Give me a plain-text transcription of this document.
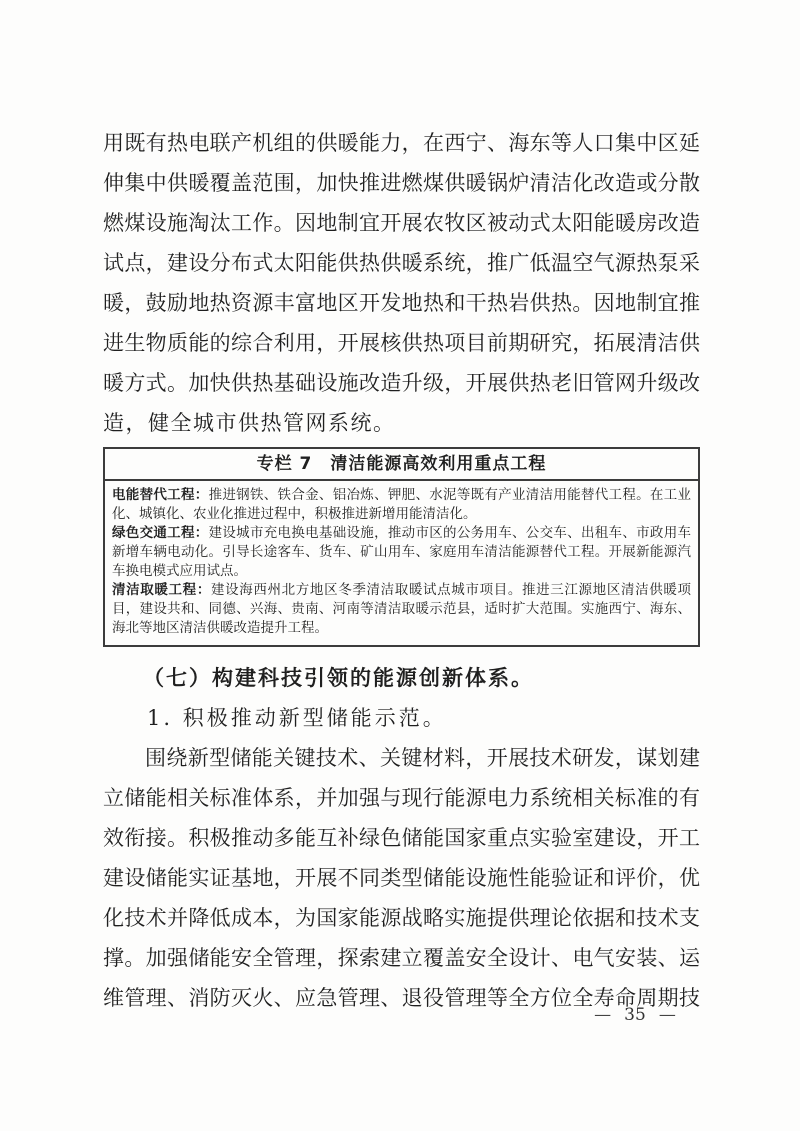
用既有热电联产机组的供暖能力，在西宁、海东等人口集中区延
伸集中供暖覆盖范围，加快推进燃煤供暖锅炉清洁化改造或分散
燃煤设施淘汰工作。因地制宜开展农牧区被动式太阳能暖房改造
试点，建设分布式太阳能供热供暖系统，推广低温空气源热泵采
暖，鼓励地热资源丰富地区开发地热和干热岩供热。因地制宜推
进生物质能的综合利用，开展核供热项目前期研究，拓展清洁供
暖方式。加快供热基础设施改造升级，开展供热老旧管网升级改
造，健全城市供热管网系统。
专栏 7　清洁能源高效利用重点工程

电能替代工程：推进钢铁、铁合金、铝冶炼、钾肥、水泥等既有产业清洁用能替代工程。在工业化、城镇化、农业化推进过程中，积极推进新增用能清洁化。

绿色交通工程：建设城市充电换电基础设施，推动市区的公务用车、公交车、出租车、市政用车新增车辆电动化。引导长途客车、货车、矿山用车、家庭用车清洁能源替代工程。开展新能源汽车换电模式应用试点。

清洁取暖工程：建设海西州北方地区冬季清洁取暖试点城市项目。推进三江源地区清洁供暖项目，建设共和、同德、兴海、贵南、河南等清洁取暖示范县，适时扩大范围。实施西宁、海东、海北等地区清洁供暖改造提升工程。

（七）构建科技引领的能源创新体系。
1. 积极推动新型储能示范。
围绕新型储能关键技术、关键材料，开展技术研发，谋划建
立储能相关标准体系，并加强与现行能源电力系统相关标准的有
效衔接。积极推动多能互补绿色储能国家重点实验室建设，开工
建设储能实证基地，开展不同类型储能设施性能验证和评价，优
化技术并降低成本，为国家能源战略实施提供理论依据和技术支
撑。加强储能安全管理，探索建立覆盖安全设计、电气安装、运
维管理、消防灭火、应急管理、退役管理等全方位全寿命周期技
— 35 —
